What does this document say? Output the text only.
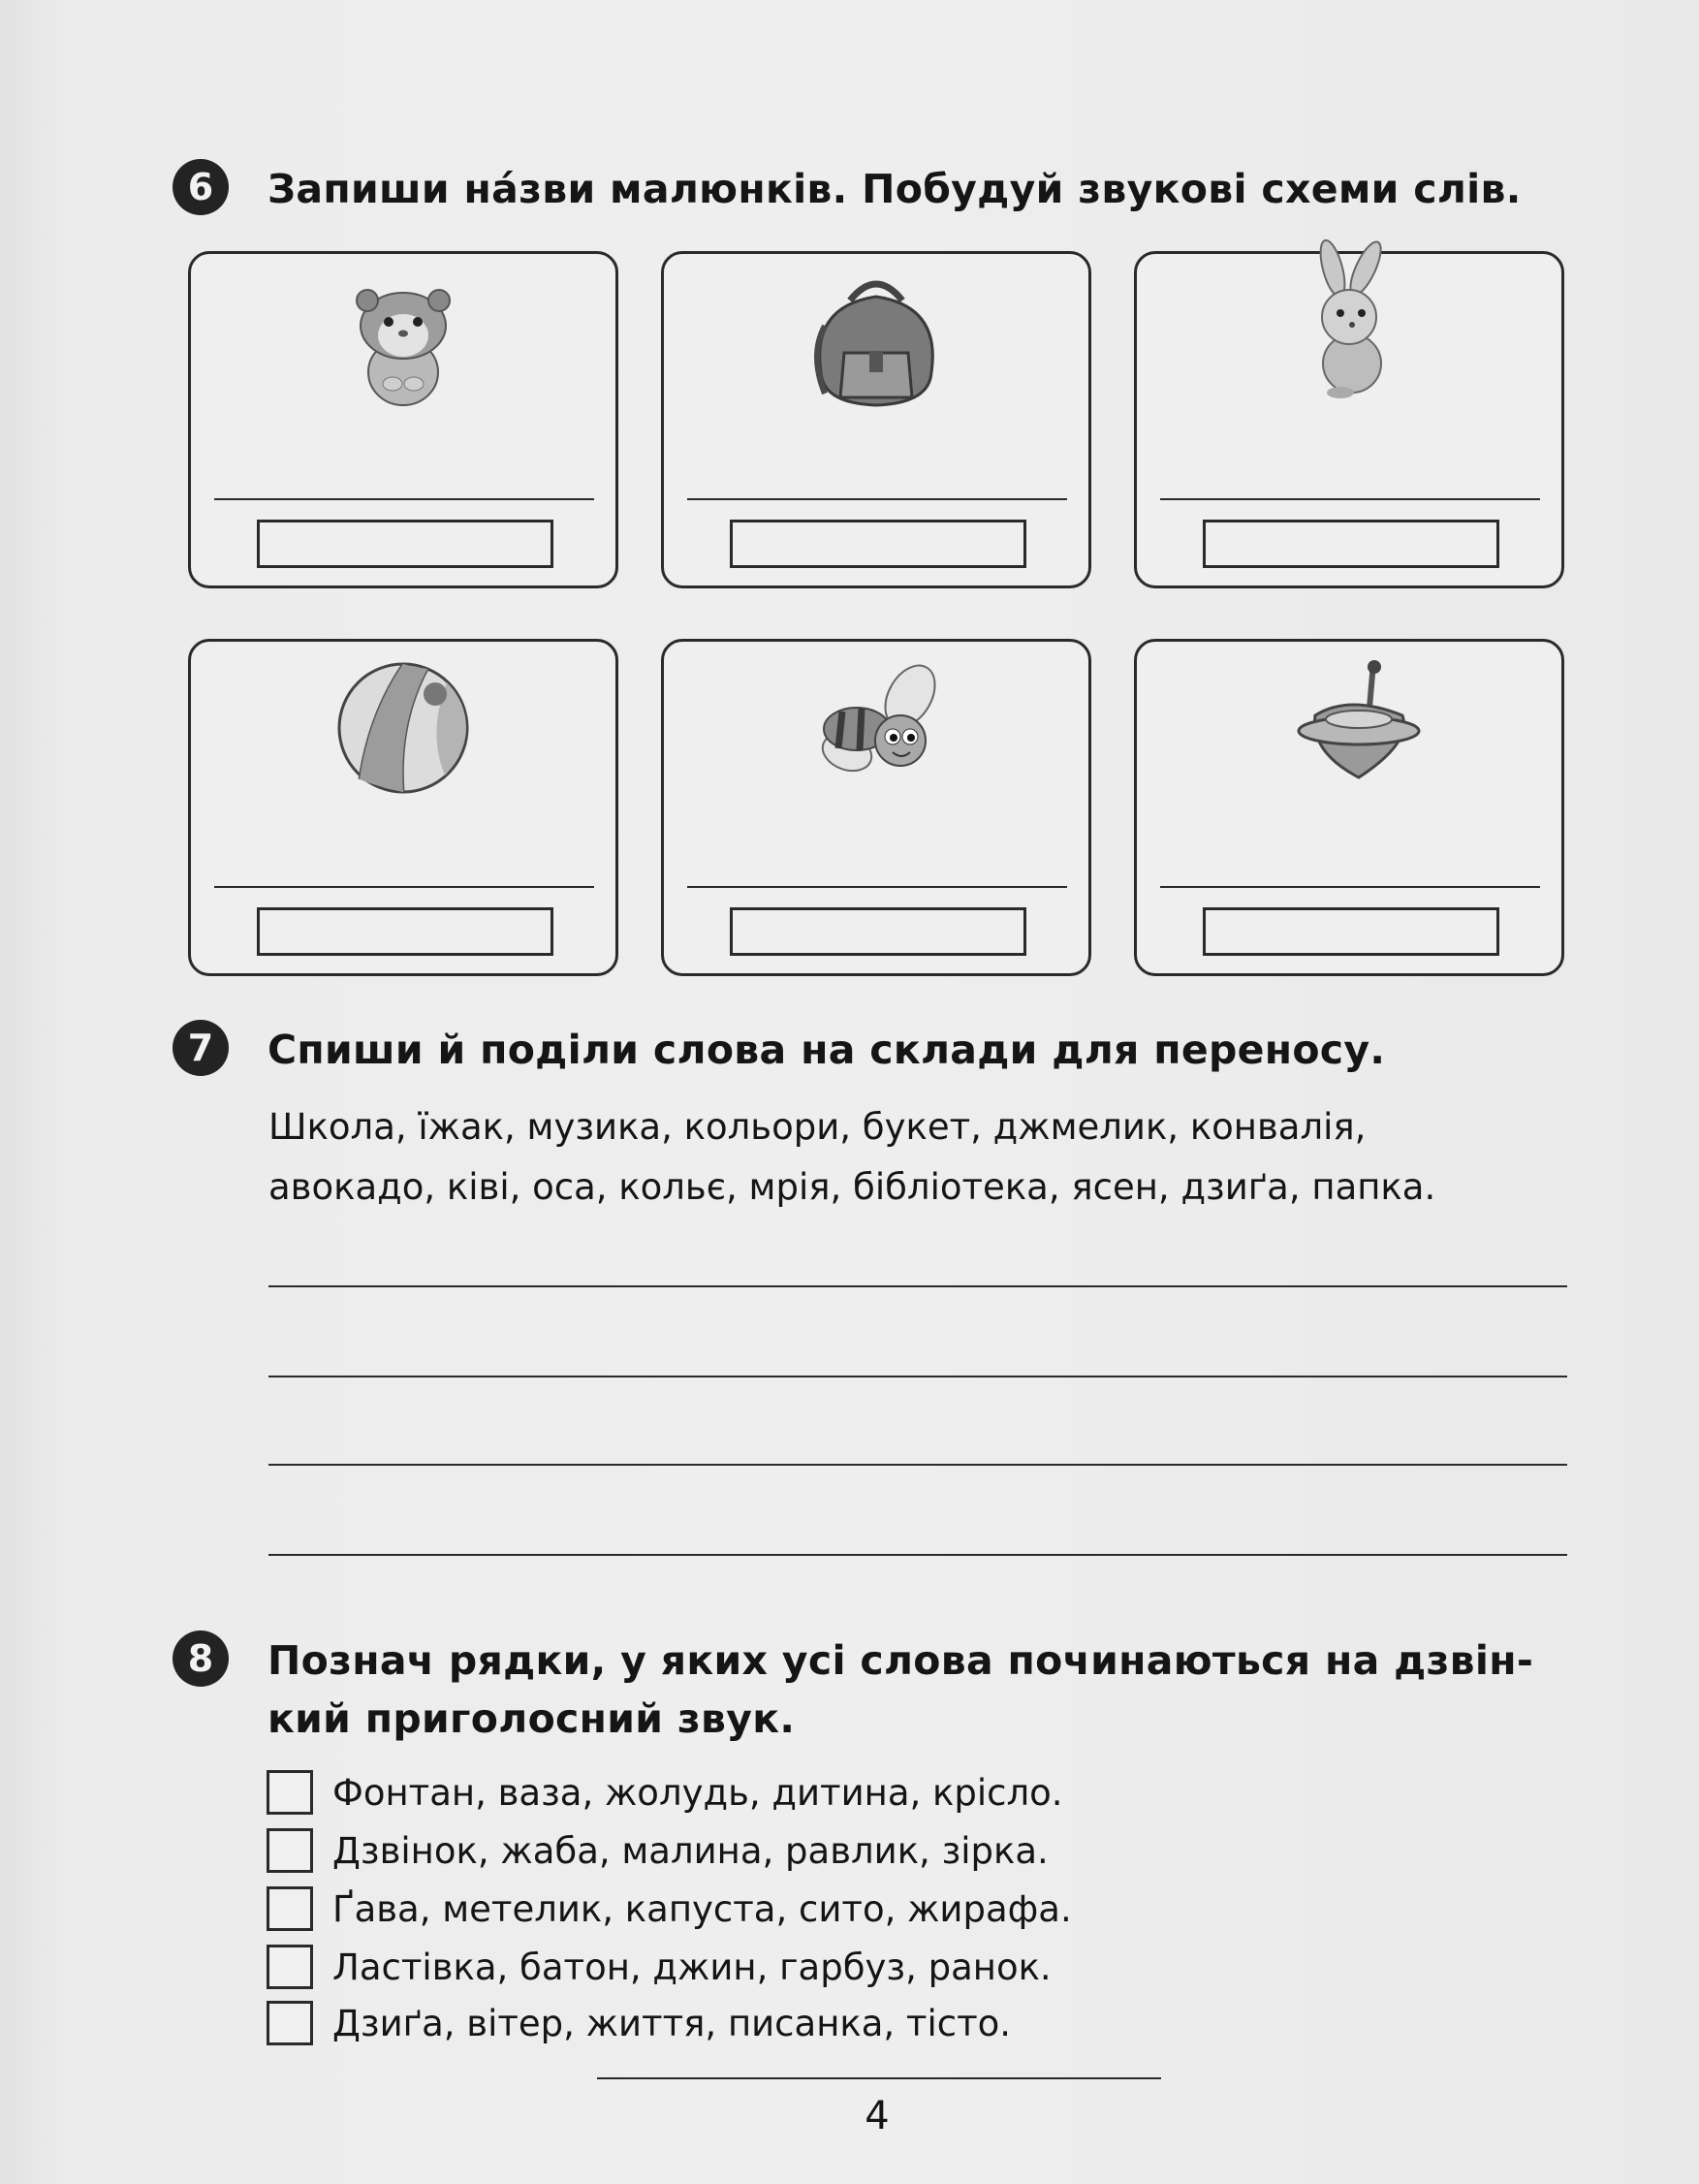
6	Запиши на́зви малюнків. Побудуй звукові схеми слів.
7	Спиши й поділи слова на склади для переносу.
Школа, їжак, музика, кольори, букет, джмелик, конвалія,
авокадо, ківі, оса, кольє, мрія, бібліотека, ясен, дзиґа, папка.
8	Познач рядки, у яких усі слова починаються на дзвін-
кий приголосний звук.
Фонтан, ваза, жолудь, дитина, крісло.
Дзвінок, жаба, малина, равлик, зірка.
Ґава, метелик, капуста, сито, жирафа.
Ластівка, батон, джин, гарбуз, ранок.
Дзиґа, вітер, життя, писанка, тісто.
4
